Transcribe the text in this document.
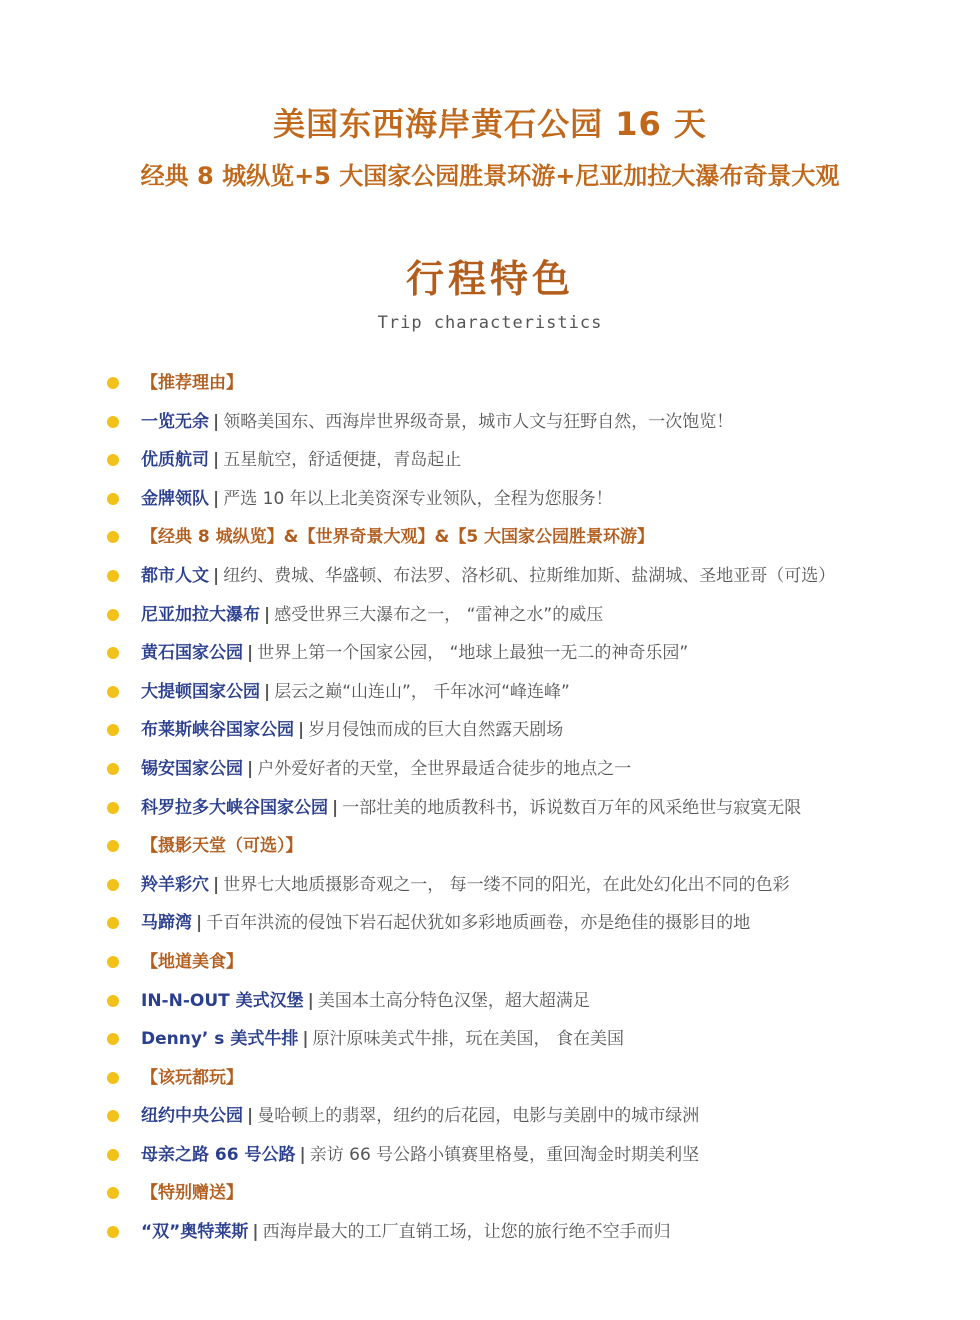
美国东西海岸黄石公园 16 天
经典 8 城纵览+5 大国家公园胜景环游+尼亚加拉大瀑布奇景大观
行程特色
Trip characteristics
【推荐理由】
一览无余 | 领略美国东、西海岸世界级奇景，城市人文与狂野自然，一次饱览！
优质航司 | 五星航空，舒适便捷，青岛起止
金牌领队 | 严选 10 年以上北美资深专业领队，全程为您服务！
【经典 8 城纵览】&【世界奇景大观】&【5 大国家公园胜景环游】
都市人文 | 纽约、费城、华盛顿、布法罗、洛杉矶、拉斯维加斯、盐湖城、圣地亚哥（可选）
尼亚加拉大瀑布 | 感受世界三大瀑布之一， “雷神之水”的威压
黄石国家公园 | 世界上第一个国家公园， “地球上最独一无二的神奇乐园”
大提顿国家公园 | 层云之巅“山连山”， 千年冰河“峰连峰”
布莱斯峡谷国家公园 | 岁月侵蚀而成的巨大自然露天剧场
锡安国家公园 | 户外爱好者的天堂，全世界最适合徒步的地点之一
科罗拉多大峡谷国家公园 | 一部壮美的地质教科书，诉说数百万年的风采绝世与寂寞无限
【摄影天堂（可选）】
羚羊彩穴 | 世界七大地质摄影奇观之一， 每一缕不同的阳光，在此处幻化出不同的色彩
马蹄湾 | 千百年洪流的侵蚀下岩石起伏犹如多彩地质画卷，亦是绝佳的摄影目的地
【地道美食】
IN-N-OUT 美式汉堡 | 美国本土高分特色汉堡，超大超满足
Denny’ s 美式牛排 | 原汁原味美式牛排，玩在美国， 食在美国
【该玩都玩】
纽约中央公园 | 曼哈顿上的翡翠，纽约的后花园，电影与美剧中的城市绿洲
母亲之路 66 号公路 | 亲访 66 号公路小镇赛里格曼，重回淘金时期美利坚
【特别赠送】
“双”奥特莱斯 | 西海岸最大的工厂直销工场，让您的旅行绝不空手而归
